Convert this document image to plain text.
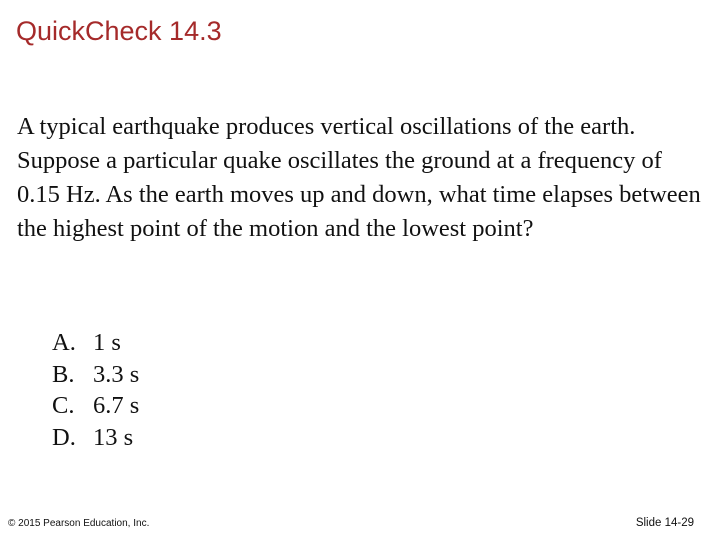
QuickCheck 14.3

A typical earthquake produces vertical oscillations of the earth. Suppose a particular quake oscillates the ground at a frequency of 0.15 Hz. As the earth moves up and down, what time elapses between the highest point of the motion and the lowest point?

A. 1 s
B. 3.3 s
C. 6.7 s
D. 13 s
© 2015 Pearson Education, Inc.	Slide 14-29
